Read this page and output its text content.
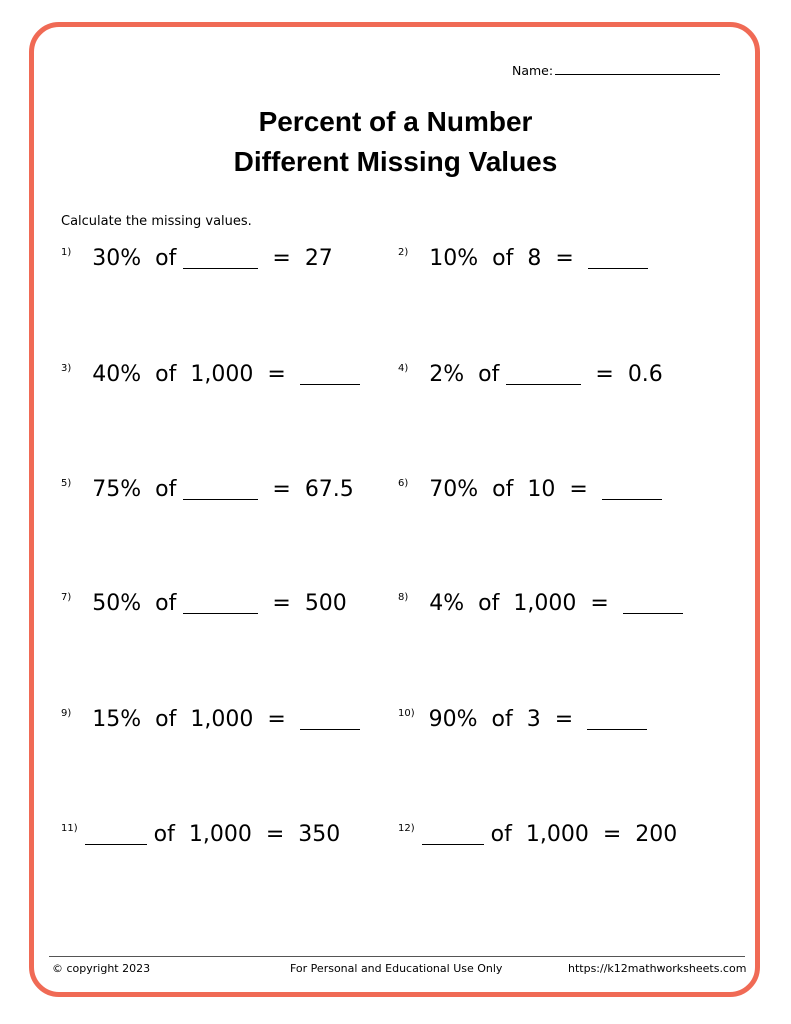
Name:
Percent of a Number
Different Missing Values
Calculate the missing values.
$^{1)}$ 30% of	= 27	$^{2)}$ 10% of 8 =
$^{3)}$ 40% of 1,000 =	$^{4)}$ 2% of	= 0.6
$^{5)}$ 75% of	= 67.5	$^{6)}$ 70% of 10 =
$^{7)}$ 50% of	= 500	$^{8)}$ 4% of 1,000 =
$^{9)}$ 15% of 1,000 =	$^{10)}$ 90% of 3 =
$^{11)}$	of 1,000 = 350	$^{12)}$	of 1,000 = 200
© copyright 2023	For Personal and Educational Use Only	https://k12mathworksheets.com
